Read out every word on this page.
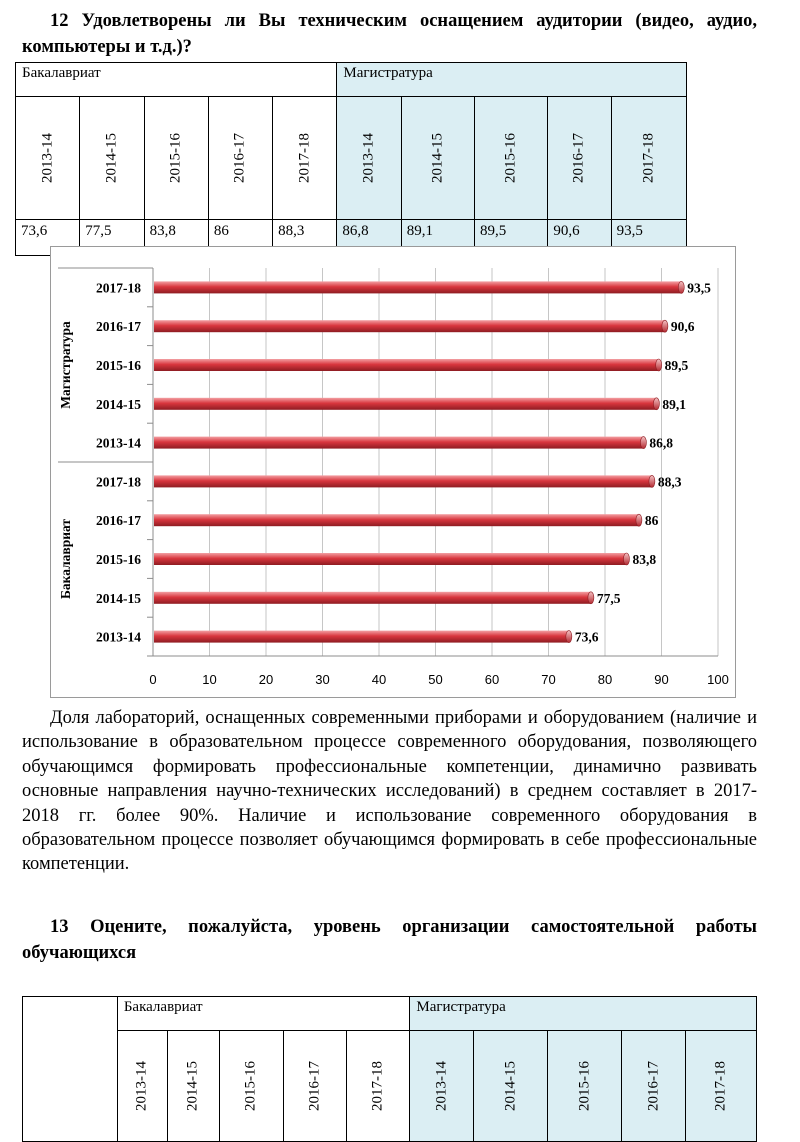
12 Удовлетворены ли Вы техническим оснащением аудитории (видео, аудио, компьютеры и т.д.)?
Бакалавриат					Магистратура				

2013-14	2014-15	2015-16	2016-17	2017-18	2013-14	2014-15	2015-16	2016-17	2017-18

73,6	77,5	83,8	86	88,3	86,8	89,1	89,5	90,6	93,5
2017-18
2016-17
2015-16
2014-15
2013-14
2017-18
2016-17
2015-16
2014-15
2013-14
Магистратура
Бакалавриат
93,5
90,6
89,5
89,1
86,8
88,3
86
83,8
77,5
73,6
0	10	20	30	40	50	60	70	80	90	100

Доля лабораторий, оснащенных современными приборами и оборудованием (наличие и использование в образовательном процессе современного оборудования, позволяющего обучающимся формировать профессиональные компетенции, динамично развивать основные направления научно-технических исследований) в среднем составляет в 2017-2018 гг. более 90%. Наличие и использование современного оборудования в образовательном процессе позволяет обучающимся формировать в себе профессиональные компетенции.

13 Оцените, пожалуйста, уровень организации самостоятельной работы обучающихся
	Бакалавриат					Магистратура				

	2013-14	2014-15	2015-16	2016-17	2017-18	2013-14	2014-15	2015-16	2016-17	2017-18
